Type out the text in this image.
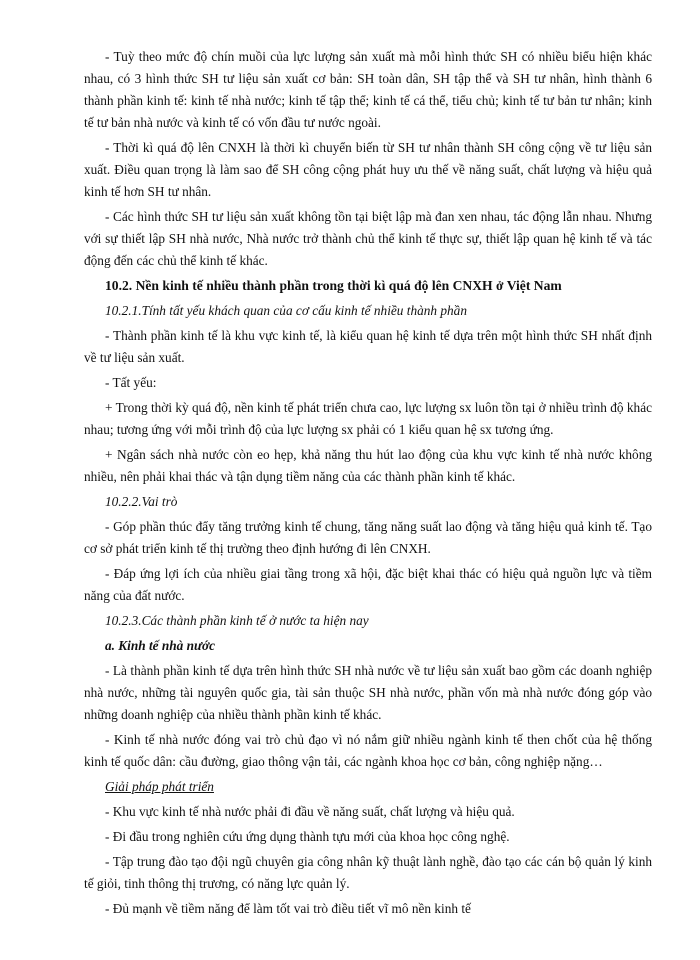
- Tuỳ theo mức độ chín muồi của lực lượng sản xuất mà mỗi hình thức SH có nhiều biểu hiện khác nhau, có 3 hình thức SH tư liệu sản xuất cơ bản: SH toàn dân, SH tập thể và SH tư nhân, hình thành 6 thành phần kinh tế: kinh tế nhà nước; kinh tế tập thể; kinh tế cá thể, tiểu chủ; kinh tế tư bản tư nhân; kinh tế tư bản nhà nước và kinh tế có vốn đầu tư nước ngoài.

- Thời kì quá độ lên CNXH là thời kì chuyển biến từ SH tư nhân thành SH công cộng về tư liệu sản xuất. Điều quan trọng là làm sao để SH công cộng phát huy ưu thế về năng suất, chất lượng và hiệu quả kinh tế hơn SH tư nhân.

- Các hình thức SH tư liệu sản xuất không tồn tại biệt lập mà đan xen nhau, tác động lẫn nhau. Nhưng với sự thiết lập SH nhà nước, Nhà nước trở thành chủ thể kinh tế thực sự, thiết lập quan hệ kinh tế và tác động đến các chủ thể kinh tế khác.

10.2. Nền kinh tế nhiều thành phần trong thời kì quá độ lên CNXH ở Việt Nam

10.2.1.Tính tất yếu khách quan của cơ cấu kinh tế nhiều thành phần

- Thành phần kinh tế là khu vực kinh tế, là kiểu quan hệ kinh tế dựa trên một hình thức SH nhất định về tư liệu sản xuất.

- Tất yếu:

+ Trong thời kỳ quá độ, nền kinh tế phát triển chưa cao, lực lượng sx luôn tồn tại ở nhiều trình độ khác nhau; tương ứng với mỗi trình độ của lực lượng sx phải có 1 kiểu quan hệ sx tương ứng.

+ Ngân sách nhà nước còn eo hẹp, khả năng thu hút lao động của khu vực kinh tế nhà nước không nhiều, nên phải khai thác và tận dụng tiềm năng của các thành phần kinh tế khác.

10.2.2.Vai trò

- Góp phần thúc đẩy tăng trưởng kinh tế chung, tăng năng suất lao động và tăng hiệu quả kinh tế. Tạo cơ sở phát triển kinh tế thị trường theo định hướng đi lên CNXH.

- Đáp ứng lợi ích của nhiều giai tầng trong xã hội, đặc biệt khai thác có hiệu quả nguồn lực và tiềm năng của đất nước.

10.2.3.Các thành phần kinh tế ở nước ta hiện nay

a. Kinh tế nhà nước

- Là thành phần kinh tế dựa trên hình thức SH nhà nước về tư liệu sản xuất bao gồm các doanh nghiệp nhà nước, những tài nguyên quốc gia, tài sản thuộc SH nhà nước, phần vốn mà nhà nước đóng góp vào những doanh nghiệp của nhiều thành phần kinh tế khác.

- Kinh tế nhà nước đóng vai trò chủ đạo vì nó nắm giữ nhiều ngành kinh tế then chốt của hệ thống kinh tế quốc dân: cầu đường, giao thông vận tải, các ngành khoa học cơ bản, công nghiệp nặng…

Giải pháp phát triển

- Khu vực kinh tế nhà nước phải đi đầu về năng suất, chất lượng và hiệu quả.

- Đi đầu trong nghiên cứu ứng dụng thành tựu mới của khoa học công nghệ.

- Tập trung đào tạo đội ngũ chuyên gia công nhân kỹ thuật lành nghề, đào tạo các cán bộ quản lý kinh tế giỏi, tinh thông thị trương, có năng lực quản lý.

- Đủ mạnh về tiềm năng để làm tốt vai trò điều tiết vĩ mô nền kinh tế
